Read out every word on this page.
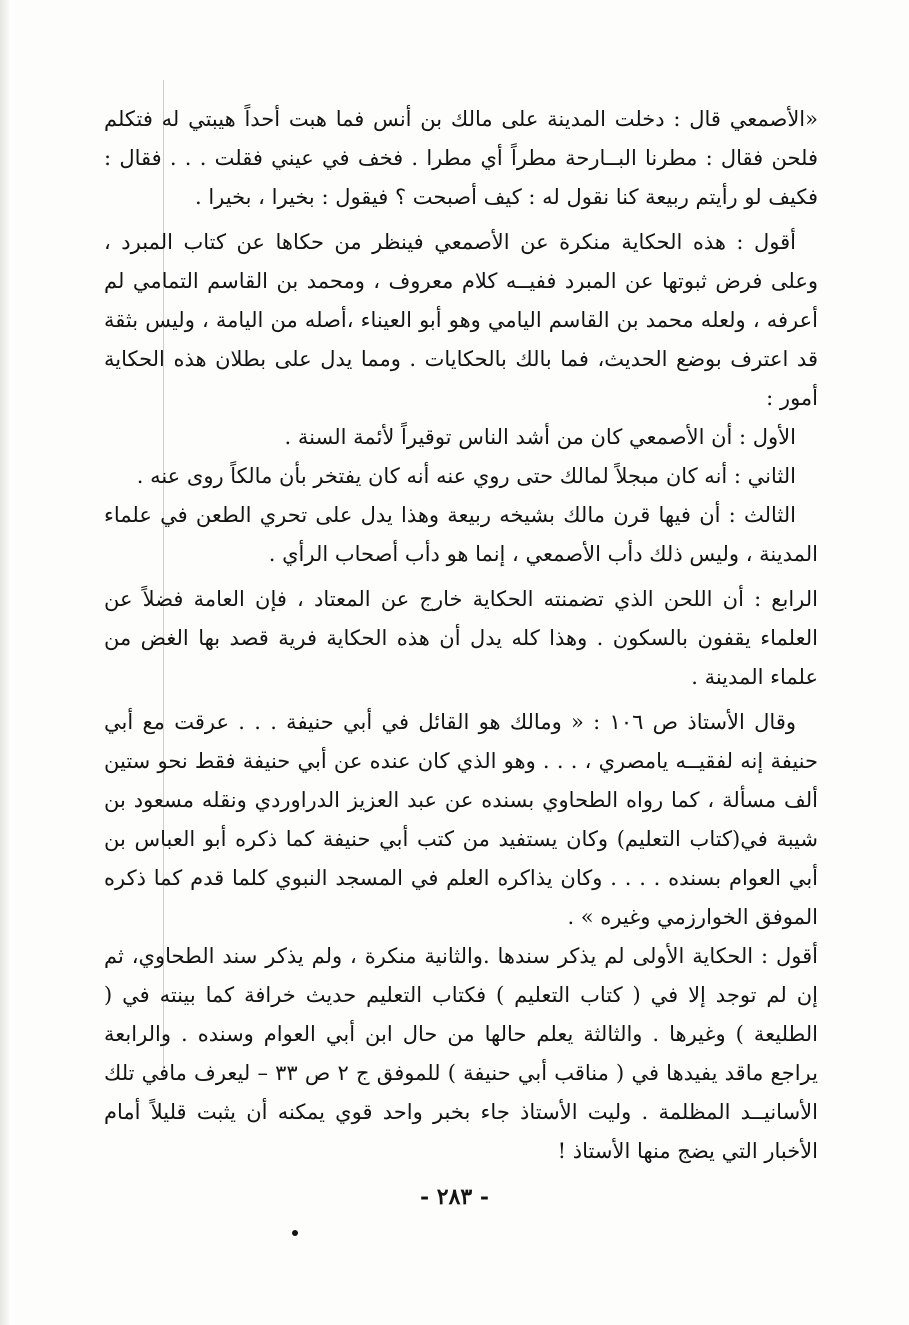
«الأصمعي قال : دخلت المدينة على مالك بن أنس فما هبت أحداً هيبتي له فتكلم فلحن فقال : مطرنا البــارحة مطراً أي مطرا . فخف في عيني فقلت . . . فقال : فكيف لو رأيتم ربيعة كنا نقول له : كيف أصبحت ؟ فيقول : بخيرا ، بخيرا .

أقول : هذه الحكاية منكرة عن الأصمعي فينظر من حكاها عن كتاب المبرد ، وعلى فرض ثبوتها عن المبرد ففيــه كلام معروف ، ومحمد بن القاسم التمامي لم أعرفه ، ولعله محمد بن القاسم اليامي وهو أبو العيناء ،أصله من اليامة ، وليس بثقة قد اعترف بوضع الحديث، فما بالك بالحكايات . ومما يدل على بطلان هذه الحكاية أمور :

الأول : أن الأصمعي كان من أشد الناس توقيراً لأئمة السنة .

الثاني : أنه كان مبجلاً لمالك حتى روي عنه أنه كان يفتخر بأن مالكاً روى عنه .

الثالث : أن فيها قرن مالك بشيخه ربيعة وهذا يدل على تحري الطعن في علماء المدينة ، وليس ذلك دأب الأصمعي ، إنما هو دأب أصحاب الرأي .

الرابع : أن اللحن الذي تضمنته الحكاية خارج عن المعتاد ، فإن العامة فضلاً عن العلماء يقفون بالسكون . وهذا كله يدل أن هذه الحكاية فرية قصد بها الغض من علماء المدينة .

وقال الأستاذ ص ١٠٦ : « ومالك هو القائل في أبي حنيفة . . . عرقت مع أبي حنيفة إنه لفقيــه يامصري ، . . . وهو الذي كان عنده عن أبي حنيفة فقط نحو ستين ألف مسألة ، كما رواه الطحاوي بسنده عن عبد العزيز الدراوردي ونقله مسعود بن شيبة في(كتاب التعليم) وكان يستفيد من كتب أبي حنيفة كما ذكره أبو العباس بن أبي العوام بسنده . . . . وكان يذاكره العلم في المسجد النبوي كلما قدم كما ذكره الموفق الخوارزمي وغيره » .

أقول : الحكاية الأولى لم يذكر سندها .والثانية منكرة ، ولم يذكر سند الطحاوي، ثم إن لم توجد إلا في ( كتاب التعليم ) فكتاب التعليم حديث خرافة كما بينته في ( الطليعة ) وغيرها . والثالثة يعلم حالها من حال ابن أبي العوام وسنده . والرابعة يراجع ماقد يفيدها في ( مناقب أبي حنيفة ) للموفق ج ٢ ص ٣٣ – ليعرف مافي تلك الأسانيــد المظلمة . وليت الأستاذ جاء بخبر واحد قوي يمكنه أن يثبت قليلاً أمام الأخبار التي يضج منها الأستاذ !

- ٢٨٣ -
